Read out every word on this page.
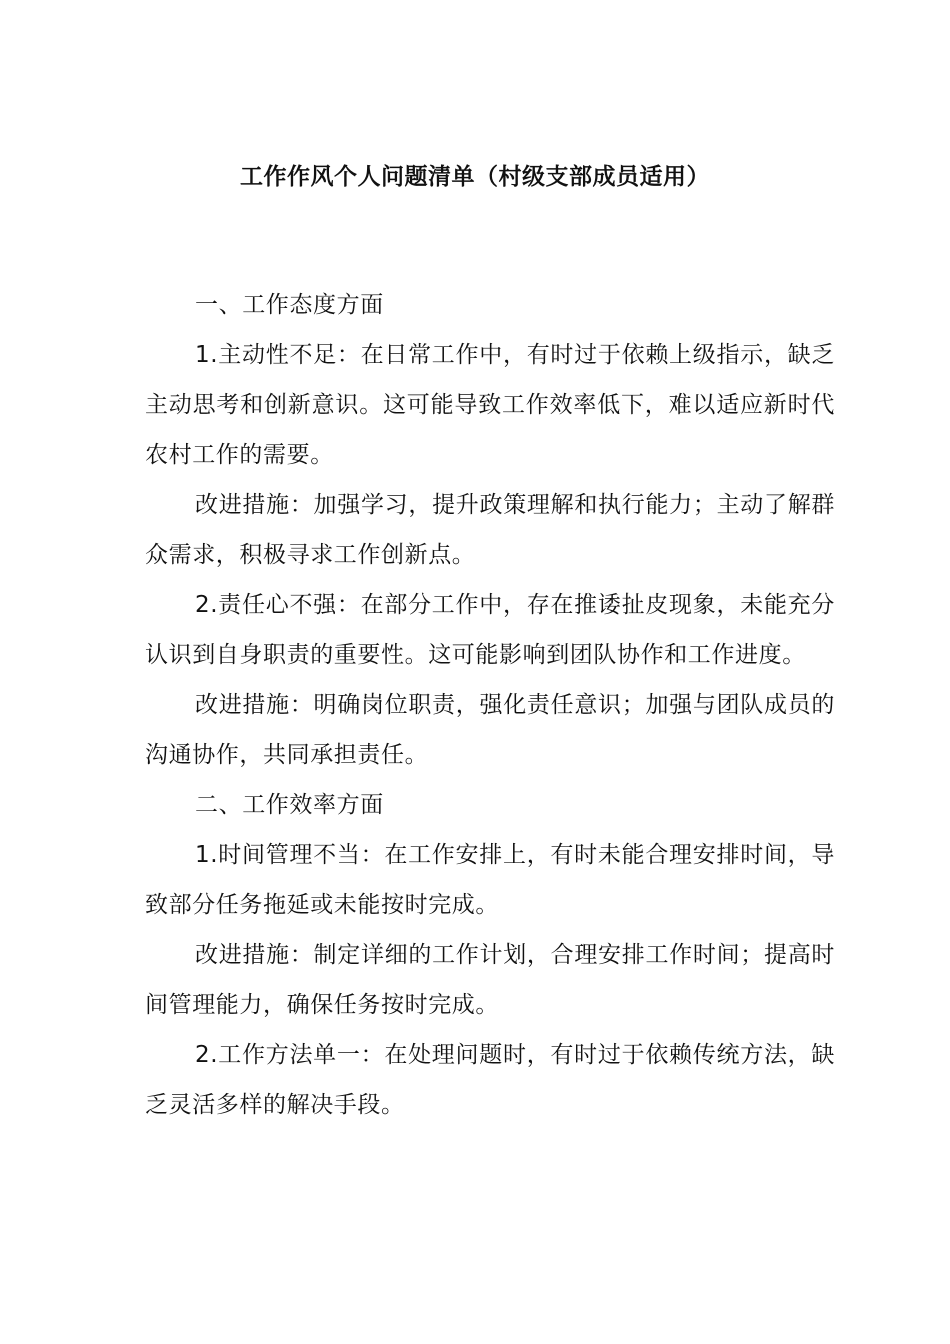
工作作风个人问题清单（村级支部成员适用）

一、工作态度方面

1.主动性不足：在日常工作中，有时过于依赖上级指示，缺乏主动思考和创新意识。这可能导致工作效率低下，难以适应新时代农村工作的需要。

改进措施：加强学习，提升政策理解和执行能力；主动了解群众需求，积极寻求工作创新点。

2.责任心不强：在部分工作中，存在推诿扯皮现象，未能充分认识到自身职责的重要性。这可能影响到团队协作和工作进度。

改进措施：明确岗位职责，强化责任意识；加强与团队成员的沟通协作，共同承担责任。

二、工作效率方面

1.时间管理不当：在工作安排上，有时未能合理安排时间，导致部分任务拖延或未能按时完成。

改进措施：制定详细的工作计划，合理安排工作时间；提高时间管理能力，确保任务按时完成。

2.工作方法单一：在处理问题时，有时过于依赖传统方法，缺乏灵活多样的解决手段。
